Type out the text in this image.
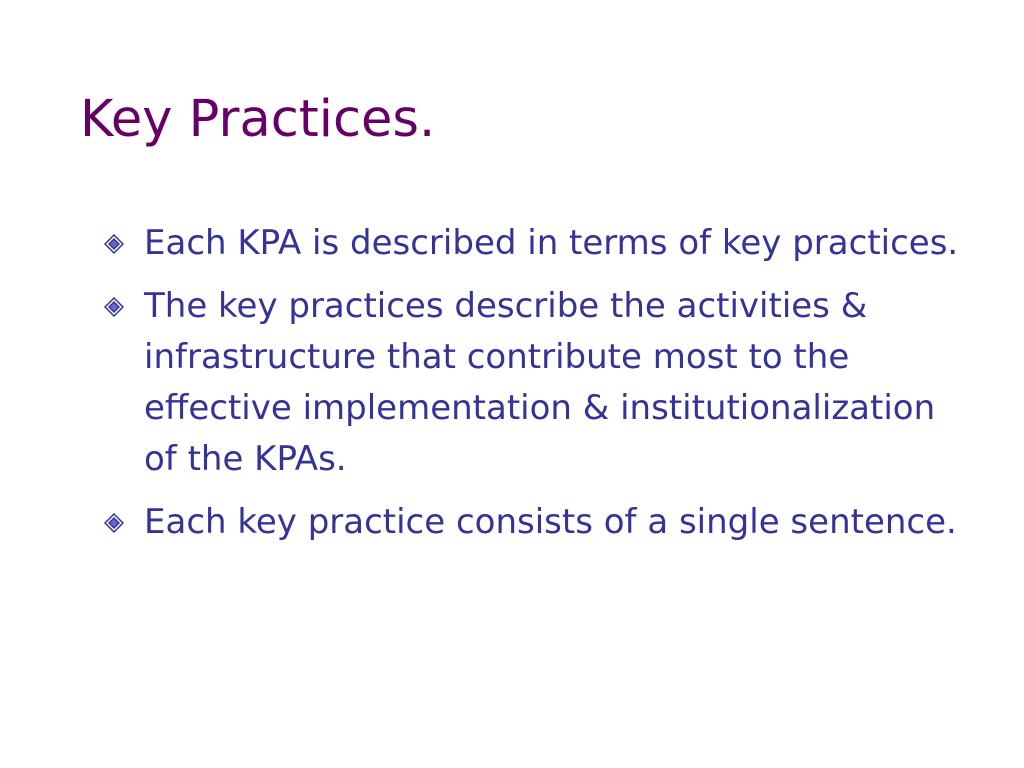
Key Practices.
Each KPA is described in terms of key practices.
The key practices describe the activities & infrastructure that contribute most to the effective implementation & institutionalization of the KPAs.
Each key practice consists of a single sentence.
